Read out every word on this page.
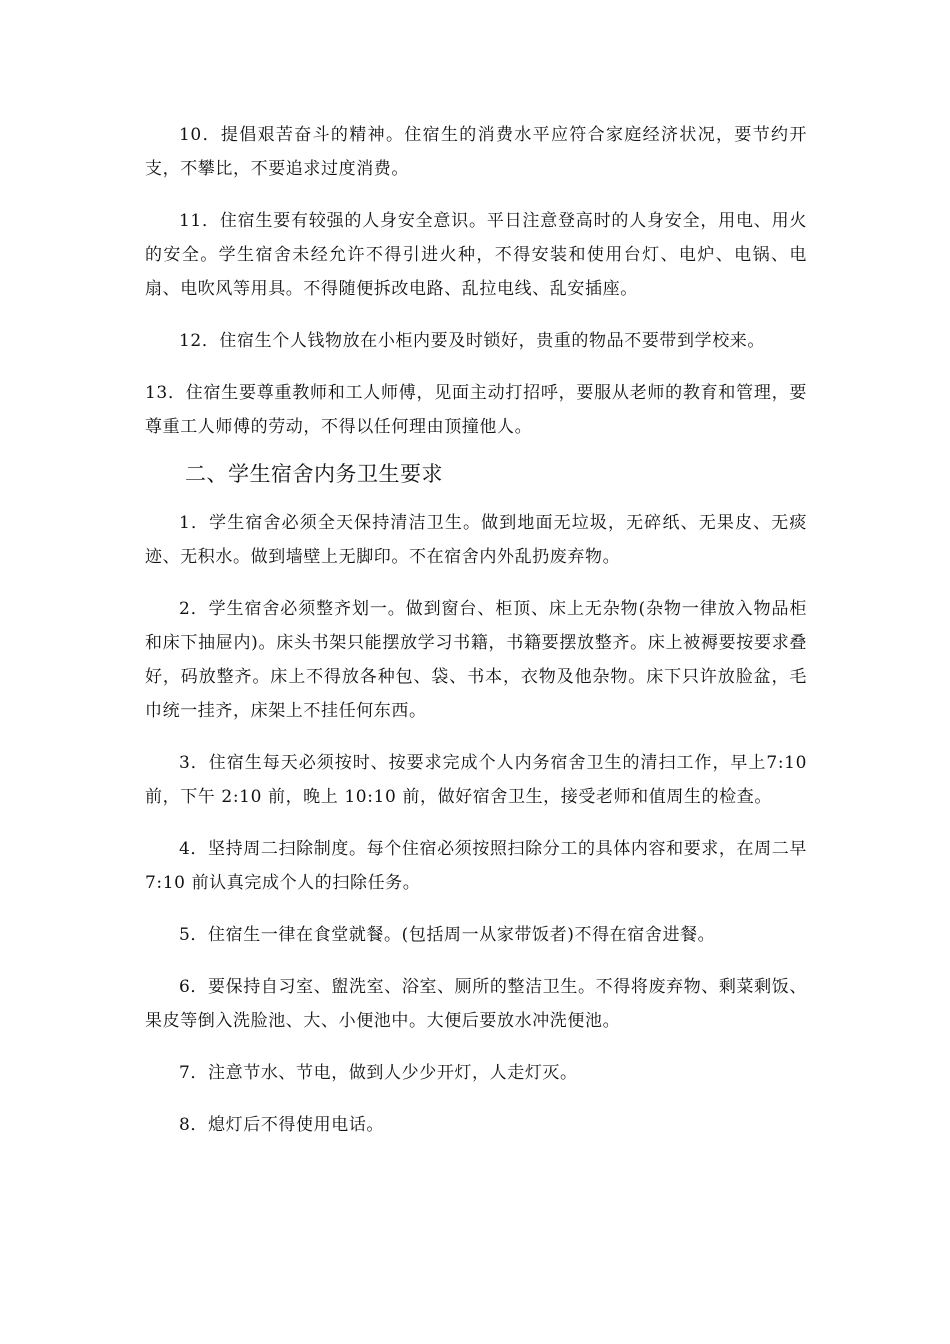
10．提倡艰苦奋斗的精神。住宿生的消费水平应符合家庭经济状况，要节约开支，不攀比，不要追求过度消费。

11．住宿生要有较强的人身安全意识。平日注意登高时的人身安全，用电、用火的安全。学生宿舍未经允许不得引进火种，不得安装和使用台灯、电炉、电锅、电扇、电吹风等用具。不得随便拆改电路、乱拉电线、乱安插座。

12．住宿生个人钱物放在小柜内要及时锁好，贵重的物品不要带到学校来。

13．住宿生要尊重教师和工人师傅，见面主动打招呼，要服从老师的教育和管理，要尊重工人师傅的劳动，不得以任何理由顶撞他人。

二、学生宿舍内务卫生要求

1．学生宿舍必须全天保持清洁卫生。做到地面无垃圾，无碎纸、无果皮、无痰迹、无积水。做到墙壁上无脚印。不在宿舍内外乱扔废弃物。

2．学生宿舍必须整齐划一。做到窗台、柜顶、床上无杂物(杂物一律放入物品柜和床下抽屉内)。床头书架只能摆放学习书籍，书籍要摆放整齐。床上被褥要按要求叠好，码放整齐。床上不得放各种包、袋、书本，衣物及他杂物。床下只许放脸盆，毛巾统一挂齐，床架上不挂任何东西。

3．住宿生每天必须按时、按要求完成个人内务宿舍卫生的清扫工作，早上7:10 前，下午 2:10 前，晚上 10:10 前，做好宿舍卫生，接受老师和值周生的检查。

4．坚持周二扫除制度。每个住宿必须按照扫除分工的具体内容和要求，在周二早 7:10 前认真完成个人的扫除任务。

5．住宿生一律在食堂就餐。(包括周一从家带饭者)不得在宿舍进餐。

6．要保持自习室、盥洗室、浴室、厕所的整洁卫生。不得将废弃物、剩菜剩饭、果皮等倒入洗脸池、大、小便池中。大便后要放水冲洗便池。

7．注意节水、节电，做到人少少开灯，人走灯灭。

8．熄灯后不得使用电话。
